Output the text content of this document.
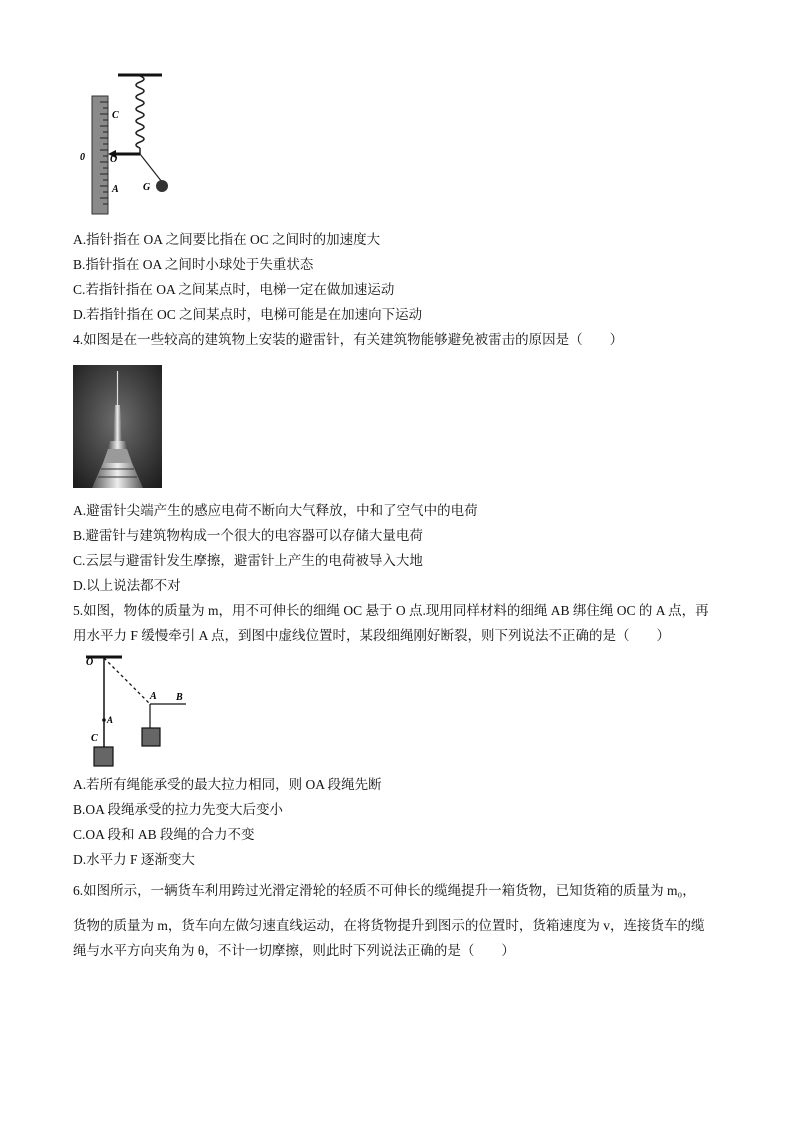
C
O
A
0
G

A.指针指在 OA 之间要比指在 OC 之间时的加速度大

B.指针指在 OA 之间时小球处于失重状态

C.若指针指在 OA 之间某点时，电梯一定在做加速运动

D.若指针指在 OC 之间某点时，电梯可能是在加速向下运动

4.如图是在一些较高的建筑物上安装的避雷针，有关建筑物能够避免被雷击的原因是（　　）

A.避雷针尖端产生的感应电荷不断向大气释放，中和了空气中的电荷

B.避雷针与建筑物构成一个很大的电容器可以存储大量电荷

C.云层与避雷针发生摩擦，避雷针上产生的电荷被导入大地

D.以上说法都不对

5.如图，物体的质量为 m，用不可伸长的细绳 OC 悬于 O 点.现用同样材料的细绳 AB 绑住绳 OC 的 A 点，再

用水平力 F 缓慢牵引 A 点，到图中虚线位置时，某段细绳刚好断裂，则下列说法不正确的是（　　）

O
A B
A
C

A.若所有绳能承受的最大拉力相同，则 OA 段绳先断

B.OA 段绳承受的拉力先变大后变小

C.OA 段和 AB 段绳的合力不变

D.水平力 F 逐渐变大

6.如图所示，一辆货车利用跨过光滑定滑轮的轻质不可伸长的缆绳提升一箱货物，已知货箱的质量为 m₀，

货物的质量为 m，货车向左做匀速直线运动，在将货物提升到图示的位置时，货箱速度为 v，连接货车的缆

绳与水平方向夹角为 θ，不计一切摩擦，则此时下列说法正确的是（　　）
